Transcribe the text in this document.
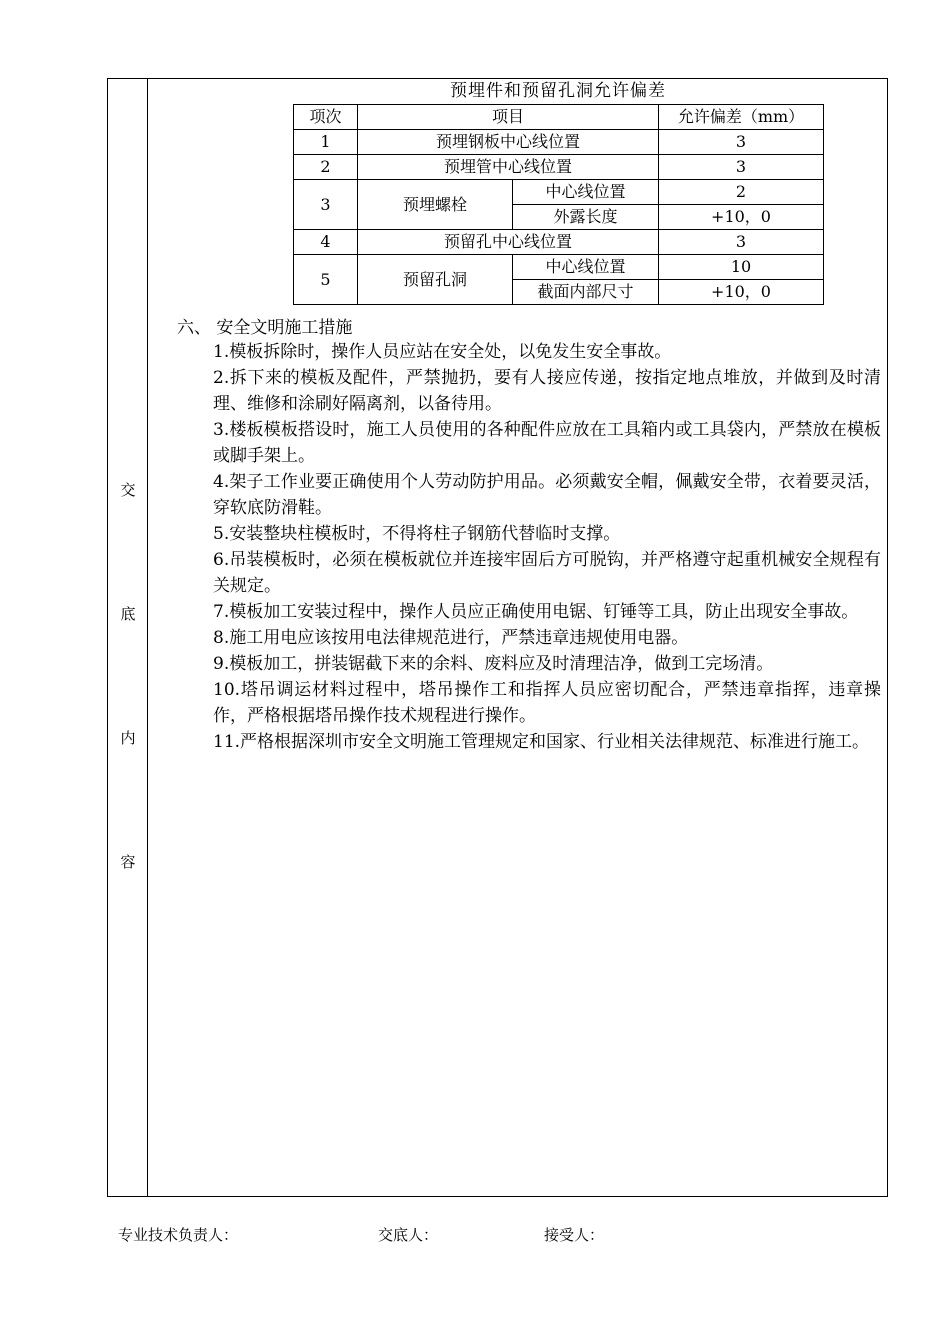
交
底
内
容
预埋件和预留孔洞允许偏差
项次	项目		允许偏差（mm）
1	预埋钢板中心线位置		3
2	预埋管中心线位置		3
3	预埋螺栓	中心线位置	2
		外露长度	+10，0
4	预留孔中心线位置		3
5	预留孔洞	中心线位置	10
		截面内部尺寸	+10，0
六、 安全文明施工措施

1.模板拆除时，操作人员应站在安全处，以免发生安全事故。

2.拆下来的模板及配件，严禁抛扔，要有人接应传递，按指定地点堆放，并做到及时清理、维修和涂刷好隔离剂，以备待用。

3.楼板模板搭设时，施工人员使用的各种配件应放在工具箱内或工具袋内，严禁放在模板或脚手架上。

4.架子工作业要正确使用个人劳动防护用品。必须戴安全帽，佩戴安全带，衣着要灵活，穿软底防滑鞋。

5.安装整块柱模板时，不得将柱子钢筋代替临时支撑。

6.吊装模板时，必须在模板就位并连接牢固后方可脱钩，并严格遵守起重机械安全规程有关规定。

7.模板加工安装过程中，操作人员应正确使用电锯、钉锤等工具，防止出现安全事故。

8.施工用电应该按用电法律规范进行，严禁违章违规使用电器。

9.模板加工，拼装锯截下来的余料、废料应及时清理洁净，做到工完场清。

10.塔吊调运材料过程中，塔吊操作工和指挥人员应密切配合，严禁违章指挥，违章操作，严格根据塔吊操作技术规程进行操作。

11.严格根据深圳市安全文明施工管理规定和国家、行业相关法律规范、标准进行施工。

专业技术负责人：	交底人：	接受人：
